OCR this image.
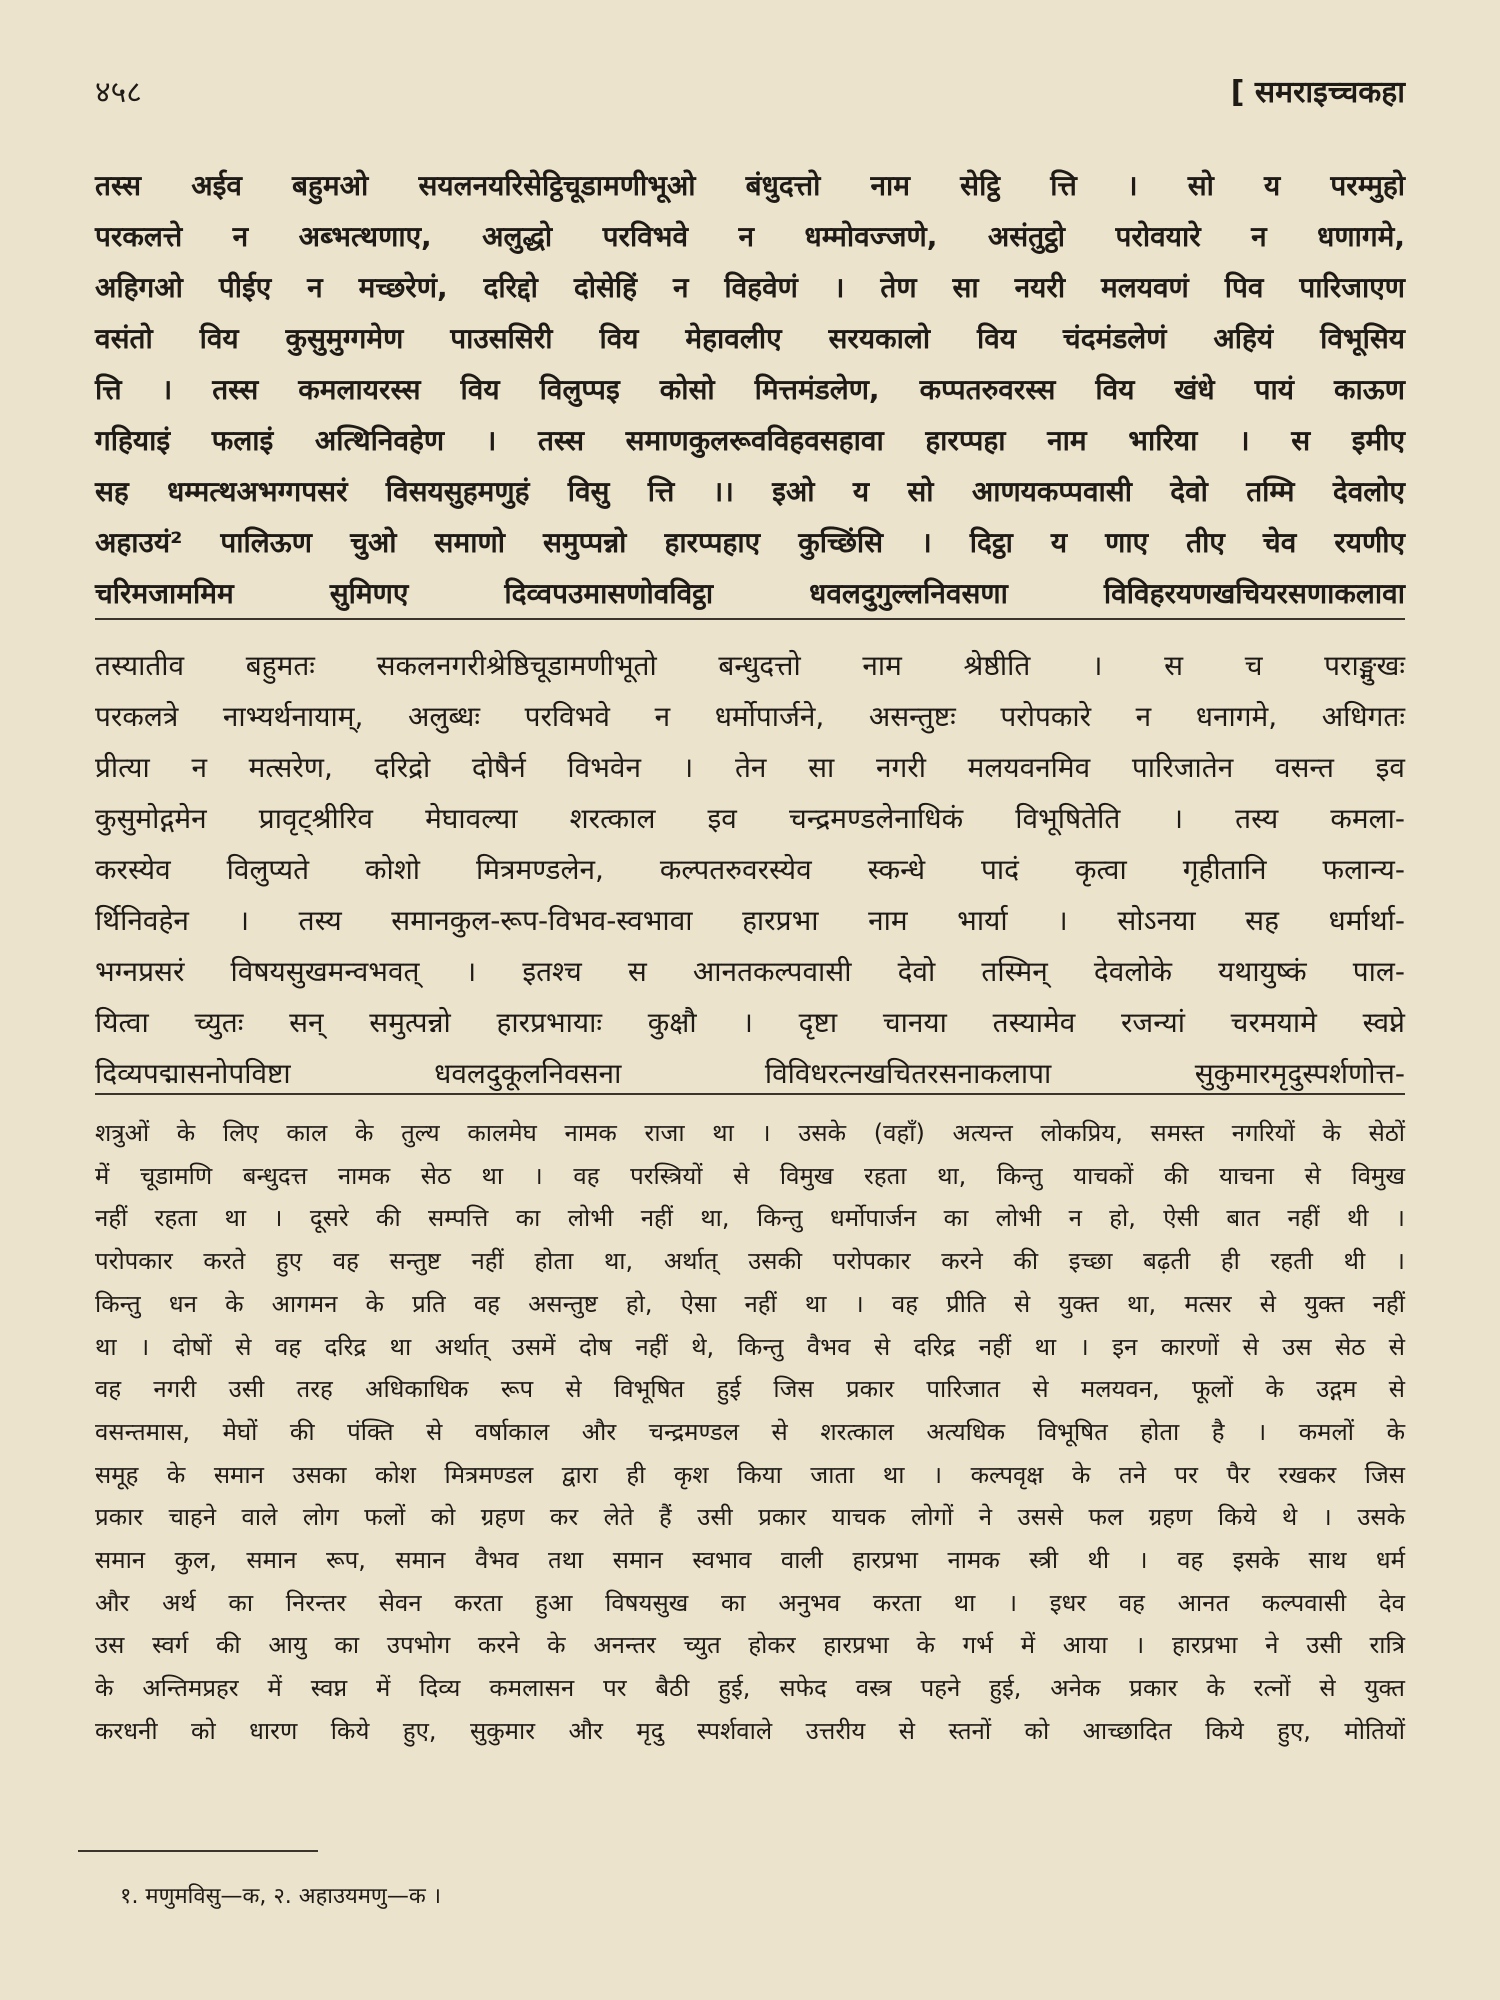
४५८	[ समराइच्चकहा

तस्स अईव बहुमओ सयलनयरिसेट्ठिचूडामणीभूओ बंधुदत्तो नाम सेट्ठि त्ति । सो य परम्मुहो

परकलत्ते न अब्भत्थणाए, अलुद्धो परविभवे न धम्मोवज्जणे, असंतुट्ठो परोवयारे न धणागमे,

अहिगओ पीईए न मच्छरेणं, दरिद्दो दोसेहिं न विहवेणं । तेण सा नयरी मलयवणं पिव पारिजाएण

वसंतो विय कुसुमुग्गमेण पाउससिरी विय मेहावलीए सरयकालो विय चंदमंडलेणं अहियं विभूसिय

त्ति । तस्स कमलायरस्स विय विलुप्पइ कोसो मित्तमंडलेण, कप्पतरुवरस्स विय खंधे पायं काऊण

गहियाइं फलाइं अत्थिनिवहेण । तस्स समाणकुलरूवविहवसहावा हारप्पहा नाम भारिया । स इमीए

सह धम्मत्थअभग्गपसरं विसयसुहमणुहं विसु त्ति ।। इओ य सो आणयकप्पवासी देवो तम्मि देवलोए

अहाउयं² पालिऊण चुओ समाणो समुप्पन्नो हारप्पहाए कुच्छिंसि । दिट्ठा य णाए तीए चेव रयणीए

चरिमजाममिम सुमिणए दिव्वपउमासणोवविट्ठा धवलदुगुल्लनिवसणा विविहरयणखचियरसणाकलावा

तस्यातीव बहुमतः सकलनगरीश्रेष्ठिचूडामणीभूतो बन्धुदत्तो नाम श्रेष्ठीति । स च पराङ्मुखः

परकलत्रे नाभ्यर्थनायाम्, अलुब्धः परविभवे न धर्मोपार्जने, असन्तुष्टः परोपकारे न धनागमे, अधिगतः

प्रीत्या न मत्सरेण, दरिद्रो दोषैर्न विभवेन । तेन सा नगरी मलयवनमिव पारिजातेन वसन्त इव

कुसुमोद्गमेन प्रावृट्श्रीरिव मेघावल्या शरत्काल इव चन्द्रमण्डलेनाधिकं विभूषितेति । तस्य कमला-

करस्येव विलुप्यते कोशो मित्रमण्डलेन, कल्पतरुवरस्येव स्कन्धे पादं कृत्वा गृहीतानि फलान्य-

र्थिनिवहेन । तस्य समानकुल-रूप-विभव-स्वभावा हारप्रभा नाम भार्या । सोऽनया सह धर्मार्था-

भग्नप्रसरं विषयसुखमन्वभवत् । इतश्च स आनतकल्पवासी देवो तस्मिन् देवलोके यथायुष्कं पाल-

यित्वा च्युतः सन् समुत्पन्नो हारप्रभायाः कुक्षौ । दृष्टा चानया तस्यामेव रजन्यां चरमयामे स्वप्ने

दिव्यपद्मासनोपविष्टा धवलदुकूलनिवसना विविधरत्नखचितरसनाकलापा सुकुमारमृदुस्पर्शणोत्त-

शत्रुओं के लिए काल के तुल्य कालमेघ नामक राजा था । उसके (वहाँ) अत्यन्त लोकप्रिय, समस्त नगरियों के सेठों

में चूडामणि बन्धुदत्त नामक सेठ था । वह परस्त्रियों से विमुख रहता था, किन्तु याचकों की याचना से विमुख

नहीं रहता था । दूसरे की सम्पत्ति का लोभी नहीं था, किन्तु धर्मोपार्जन का लोभी न हो, ऐसी बात नहीं थी ।

परोपकार करते हुए वह सन्तुष्ट नहीं होता था, अर्थात् उसकी परोपकार करने की इच्छा बढ़ती ही रहती थी ।

किन्तु धन के आगमन के प्रति वह असन्तुष्ट हो, ऐसा नहीं था । वह प्रीति से युक्त था, मत्सर से युक्त नहीं

था । दोषों से वह दरिद्र था अर्थात् उसमें दोष नहीं थे, किन्तु वैभव से दरिद्र नहीं था । इन कारणों से उस सेठ से

वह नगरी उसी तरह अधिकाधिक रूप से विभूषित हुई जिस प्रकार पारिजात से मलयवन, फूलों के उद्गम से

वसन्तमास, मेघों की पंक्ति से वर्षाकाल और चन्द्रमण्डल से शरत्काल अत्यधिक विभूषित होता है । कमलों के

समूह के समान उसका कोश मित्रमण्डल द्वारा ही कृश किया जाता था । कल्पवृक्ष के तने पर पैर रखकर जिस

प्रकार चाहने वाले लोग फलों को ग्रहण कर लेते हैं उसी प्रकार याचक लोगों ने उससे फल ग्रहण किये थे । उसके

समान कुल, समान रूप, समान वैभव तथा समान स्वभाव वाली हारप्रभा नामक स्त्री थी । वह इसके साथ धर्म

और अर्थ का निरन्तर सेवन करता हुआ विषयसुख का अनुभव करता था । इधर वह आनत कल्पवासी देव

उस स्वर्ग की आयु का उपभोग करने के अनन्तर च्युत होकर हारप्रभा के गर्भ में आया । हारप्रभा ने उसी रात्रि

के अन्तिमप्रहर में स्वप्न में दिव्य कमलासन पर बैठी हुई, सफेद वस्त्र पहने हुई, अनेक प्रकार के रत्नों से युक्त

करधनी को धारण किये हुए, सुकुमार और मृदु स्पर्शवाले उत्तरीय से स्तनों को आच्छादित किये हुए, मोतियों

१. मणुमविसु—क, २. अहाउयमणु—क ।
